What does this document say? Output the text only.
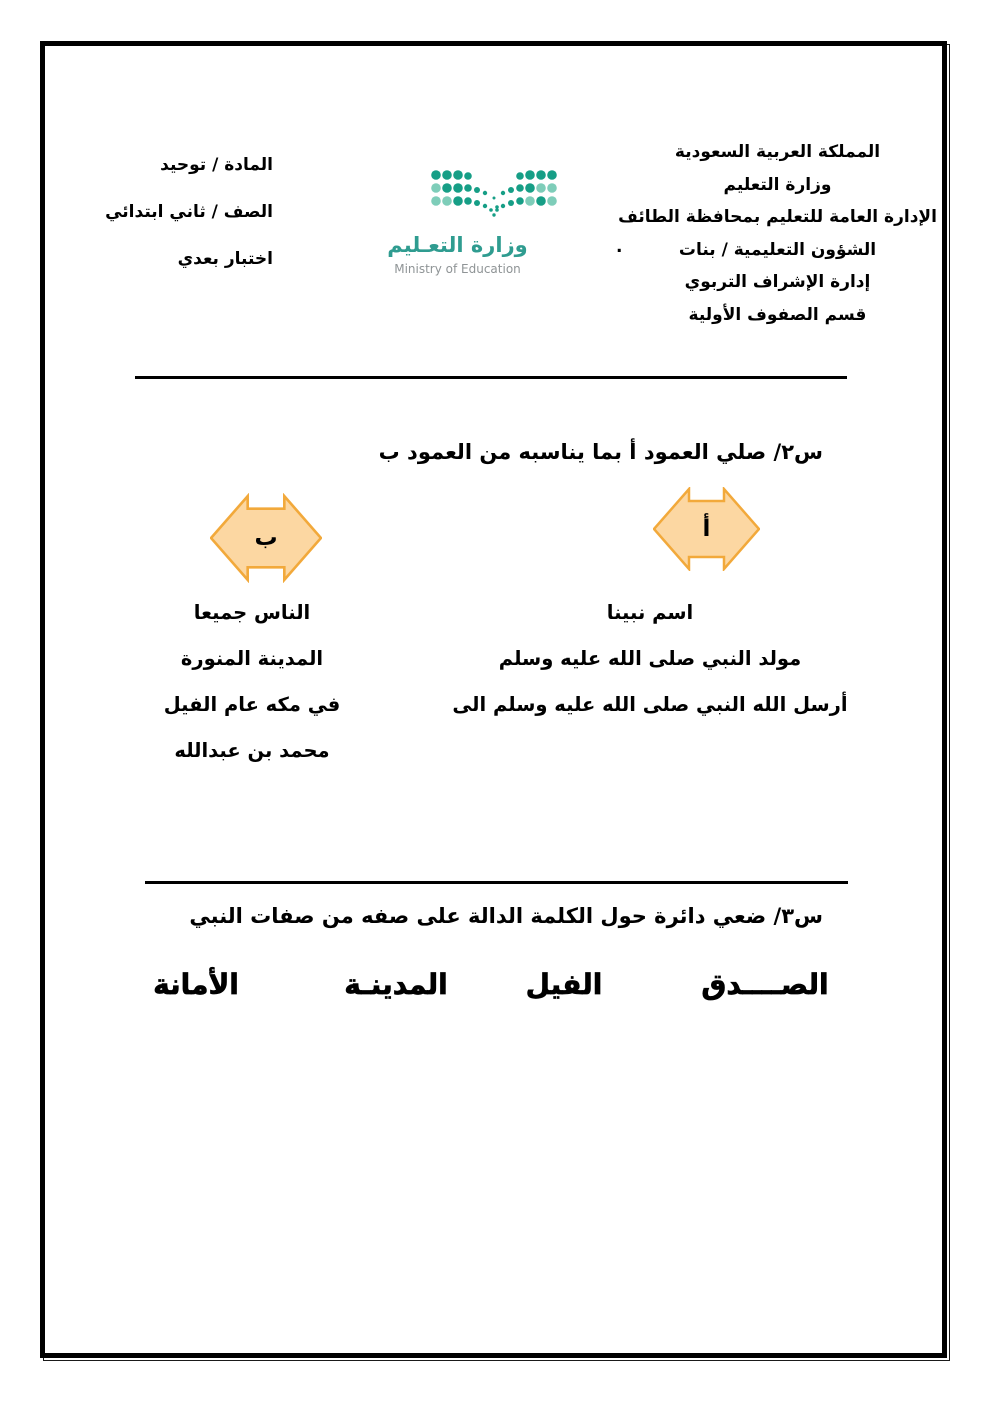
المملكة العربية السعودية
وزارة التعليم
الإدارة العامة للتعليم بمحافظة الطائف
الشؤون التعليمية / بنات
إدارة الإشراف التربوي
قسم الصفوف الأولية
.
وزارة التعـليم
Ministry of Education
المادة / توحيد
الصف / ثاني ابتدائي
اختبار بعدي
س٢/ صلي العمود أ بما يناسبه من العمود ب
أ
ب
اسم نبينا
مولد النبي صلى الله عليه وسلم
أرسل الله النبي صلى الله عليه وسلم الى
الناس جميعا
المدينة المنورة
في مكه عام الفيل
محمد بن عبدالله
س٣/ ضعي دائرة حول الكلمة الدالة على صفه من صفات النبي
الصــــدق
الفيل
المدينـة
الأمانة
